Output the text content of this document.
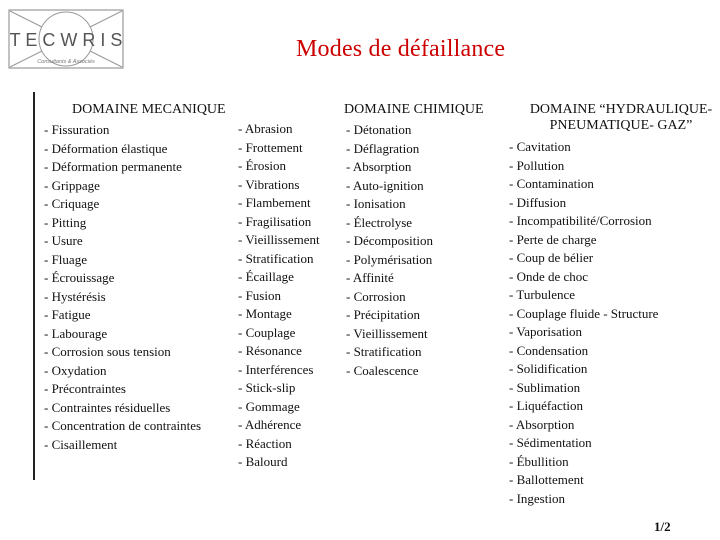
T E C W R I S
Consultants & Associés	Modes de défaillance
DOMAINE MECANIQUE	DOMAINE CHIMIQUE	DOMAINE “HYDRAULIQUE-
PNEUMATIQUE- GAZ”
- Fissuration
- Déformation élastique
- Déformation permanente
- Grippage
- Criquage
- Pitting
- Usure
- Fluage
- Écrouissage
- Hystérésis
- Fatigue
- Labourage
- Corrosion sous tension
- Oxydation
- Précontraintes
- Contraintes résiduelles
- Concentration de contraintes
- Cisaillement
- Abrasion
- Frottement
- Érosion
- Vibrations
- Flambement
- Fragilisation
- Vieillissement
- Stratification
- Écaillage
- Fusion
- Montage
- Couplage
- Résonance
- Interférences
- Stick-slip
- Gommage
- Adhérence
- Réaction
- Balourd
- Détonation
- Déflagration
- Absorption
- Auto-ignition
- Ionisation
- Électrolyse
- Décomposition
- Polymérisation
- Affinité
- Corrosion
- Précipitation
- Vieillissement
- Stratification
- Coalescence
- Cavitation
- Pollution
- Contamination
- Diffusion
- Incompatibilité/Corrosion
- Perte de charge
- Coup de bélier
- Onde de choc
- Turbulence
- Couplage fluide - Structure
- Vaporisation
- Condensation
- Solidification
- Sublimation
- Liquéfaction
- Absorption
- Sédimentation
- Ébullition
- Ballottement
- Ingestion
1/2
